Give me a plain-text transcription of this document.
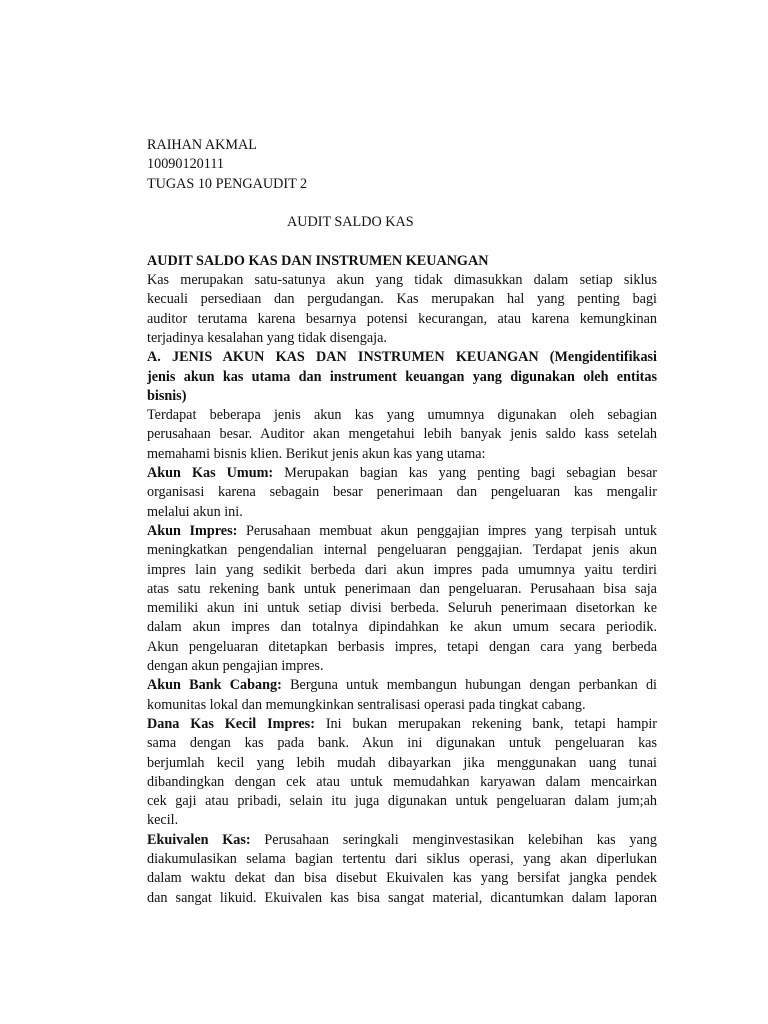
RAIHAN AKMAL
10090120111
TUGAS 10 PENGAUDIT 2
AUDIT SALDO KAS
AUDIT SALDO KAS DAN INSTRUMEN KEUANGAN
Kas merupakan satu-satunya akun yang tidak dimasukkan dalam setiap siklus
kecuali persediaan dan pergudangan. Kas merupakan hal yang penting bagi
auditor terutama karena besarnya potensi kecurangan, atau karena kemungkinan
terjadinya kesalahan yang tidak disengaja.
A. JENIS AKUN KAS DAN INSTRUMEN KEUANGAN (Mengidentifikasi
jenis akun kas utama dan instrument keuangan yang digunakan oleh entitas
bisnis)
Terdapat beberapa jenis akun kas yang umumnya digunakan oleh sebagian
perusahaan besar. Auditor akan mengetahui lebih banyak jenis saldo kass setelah
memahami bisnis klien. Berikut jenis akun kas yang utama:
Akun Kas Umum: Merupakan bagian kas yang penting bagi sebagian besar
organisasi karena sebagain besar penerimaan dan pengeluaran kas mengalir
melalui akun ini.
Akun Impres: Perusahaan membuat akun penggajian impres yang terpisah untuk
meningkatkan pengendalian internal pengeluaran penggajian. Terdapat jenis akun
impres lain yang sedikit berbeda dari akun impres pada umumnya yaitu terdiri
atas satu rekening bank untuk penerimaan dan pengeluaran. Perusahaan bisa saja
memiliki akun ini untuk setiap divisi berbeda. Seluruh penerimaan disetorkan ke
dalam akun impres dan totalnya dipindahkan ke akun umum secara periodik.
Akun pengeluaran ditetapkan berbasis impres, tetapi dengan cara yang berbeda
dengan akun pengajian impres.
Akun Bank Cabang: Berguna untuk membangun hubungan dengan perbankan di
komunitas lokal dan memungkinkan sentralisasi operasi pada tingkat cabang.
Dana Kas Kecil Impres: Ini bukan merupakan rekening bank, tetapi hampir
sama dengan kas pada bank. Akun ini digunakan untuk pengeluaran kas
berjumlah kecil yang lebih mudah dibayarkan jika menggunakan uang tunai
dibandingkan dengan cek atau untuk memudahkan karyawan dalam mencairkan
cek gaji atau pribadi, selain itu juga digunakan untuk pengeluaran dalam jum;ah
kecil.
Ekuivalen Kas: Perusahaan seringkali menginvestasikan kelebihan kas yang
diakumulasikan selama bagian tertentu dari siklus operasi, yang akan diperlukan
dalam waktu dekat dan bisa disebut Ekuivalen kas yang bersifat jangka pendek
dan sangat likuid. Ekuivalen kas bisa sangat material, dicantumkan dalam laporan
